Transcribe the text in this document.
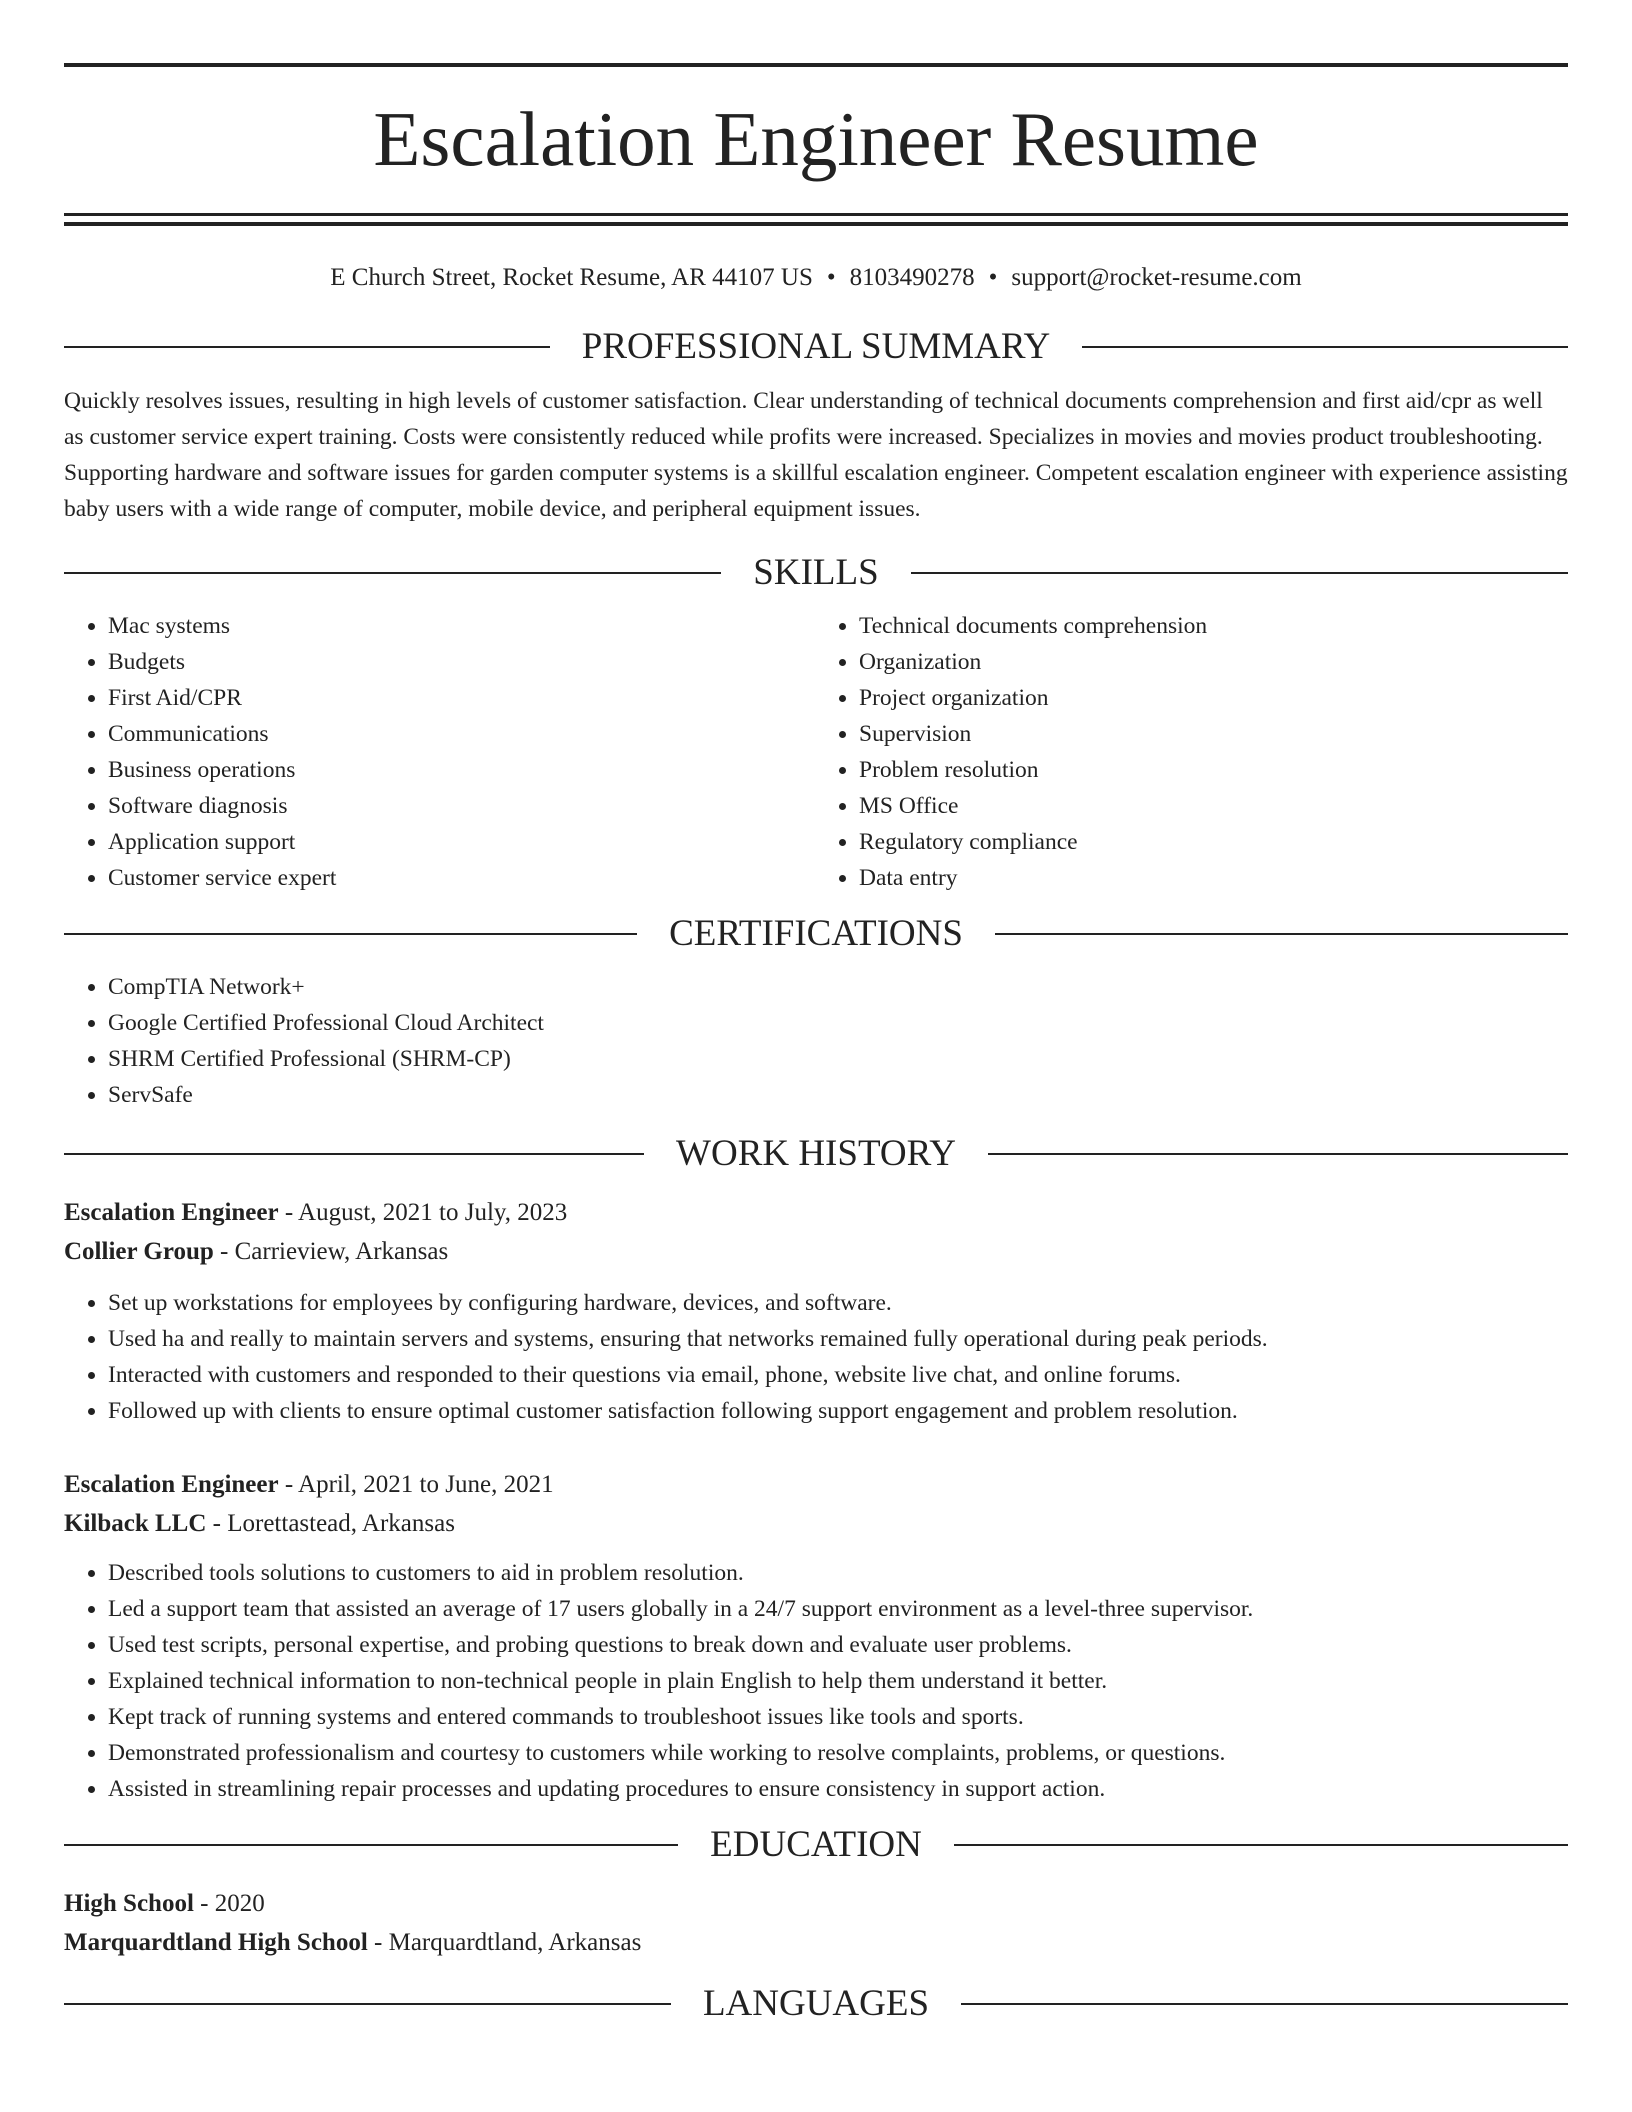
Escalation Engineer Resume
E Church Street, Rocket Resume, AR 44107 US • 8103490278 • support@rocket-resume.com
PROFESSIONAL SUMMARY

Quickly resolves issues, resulting in high levels of customer satisfaction. Clear understanding of technical documents comprehension and first aid/cpr as well as customer service expert training. Costs were consistently reduced while profits were increased. Specializes in movies and movies product troubleshooting. Supporting hardware and software issues for garden computer systems is a skillful escalation engineer. Competent escalation engineer with experience assisting baby users with a wide range of computer, mobile device, and peripheral equipment issues.

SKILLS
• Mac systems
• Budgets
• First Aid/CPR
• Communications
• Business operations
• Software diagnosis
• Application support
• Customer service expert
• Technical documents comprehension
• Organization
• Project organization
• Supervision
• Problem resolution
• MS Office
• Regulatory compliance
• Data entry
CERTIFICATIONS
• CompTIA Network+
• Google Certified Professional Cloud Architect
• SHRM Certified Professional (SHRM-CP)
• ServSafe
WORK HISTORY
Escalation Engineer - August, 2021 to July, 2023
Collier Group - Carrieview, Arkansas
• Set up workstations for employees by configuring hardware, devices, and software.
• Used ha and really to maintain servers and systems, ensuring that networks remained fully operational during peak periods.
• Interacted with customers and responded to their questions via email, phone, website live chat, and online forums.
• Followed up with clients to ensure optimal customer satisfaction following support engagement and problem resolution.
Escalation Engineer - April, 2021 to June, 2021
Kilback LLC - Lorettastead, Arkansas
• Described tools solutions to customers to aid in problem resolution.
• Led a support team that assisted an average of 17 users globally in a 24/7 support environment as a level-three supervisor.
• Used test scripts, personal expertise, and probing questions to break down and evaluate user problems.
• Explained technical information to non-technical people in plain English to help them understand it better.
• Kept track of running systems and entered commands to troubleshoot issues like tools and sports.
• Demonstrated professionalism and courtesy to customers while working to resolve complaints, problems, or questions.
• Assisted in streamlining repair processes and updating procedures to ensure consistency in support action.
EDUCATION
High School - 2020
Marquardtland High School - Marquardtland, Arkansas
LANGUAGES
